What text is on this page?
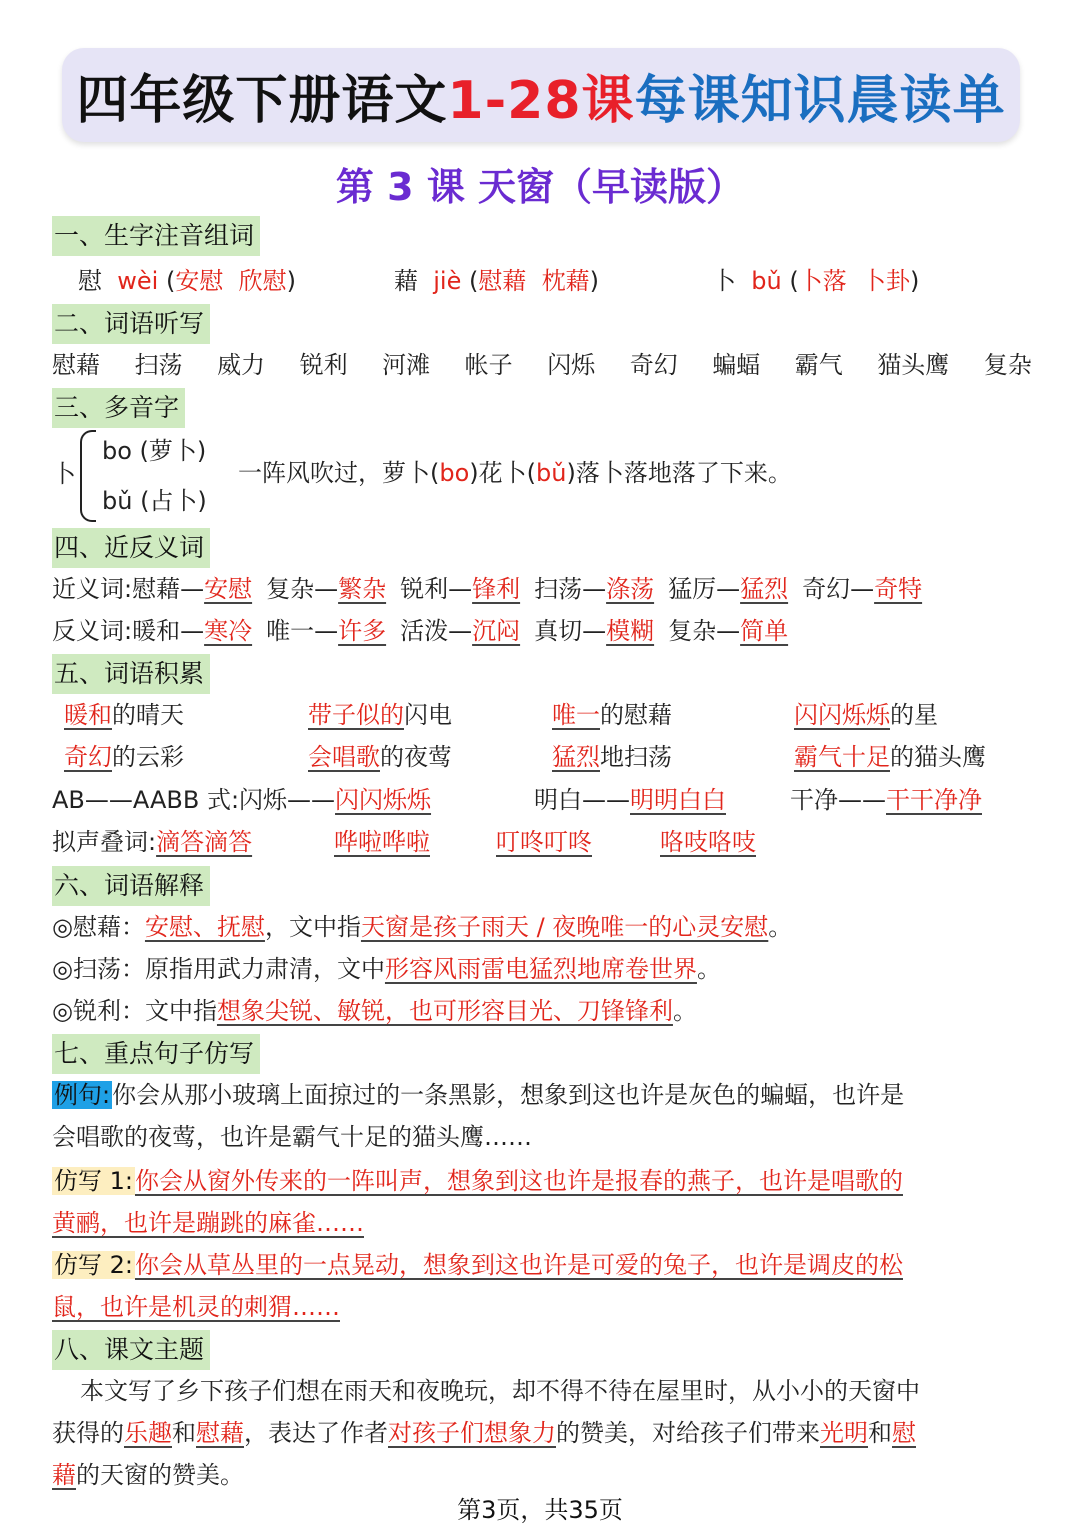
四年级下册语文 1-28课 每课知识晨读单
第 3 课 天窗（早读版）
一、生字注音组词
慰 wèi (安慰 欣慰)	藉 jiè (慰藉 枕藉)	卜 bǔ (卜落 卜卦)
二、词语听写
慰藉 扫荡 威力 锐利 河滩 帐子 闪烁 奇幻 蝙蝠 霸气 猫头鹰 复杂
三、多音字
卜
bo (萝卜)
bǔ (占卜)
一阵风吹过，萝卜(bo)花卜(bǔ)落卜落地落了下来。
四、近反义词
近义词:慰藉—安慰 复杂—繁杂 锐利—锋利 扫荡—涤荡 猛厉—猛烈 奇幻—奇特
反义词:暖和—寒冷 唯一—许多 活泼—沉闷 真切—模糊 复杂—简单
五、词语积累
暖和的晴天	带子似的闪电	唯一的慰藉	闪闪烁烁的星
奇幻的云彩	会唱歌的夜莺	猛烈地扫荡	霸气十足的猫头鹰
AB——AABB 式:闪烁——闪闪烁烁	明白——明明白白	干净——干干净净
拟声叠词:滴答滴答	哗啦哗啦	叮咚叮咚	咯吱咯吱
六、词语解释
◎慰藉：安慰、抚慰，文中指天窗是孩子雨天 / 夜晚唯一的心灵安慰。
◎扫荡：原指用武力肃清，文中形容风雨雷电猛烈地席卷世界。
◎锐利：文中指想象尖锐、敏锐，也可形容目光、刀锋锋利。
七、重点句子仿写
例句:你会从那小玻璃上面掠过的一条黑影，想象到这也许是灰色的蝙蝠，也许是
会唱歌的夜莺，也许是霸气十足的猫头鹰……
仿写 1:你会从窗外传来的一阵叫声，想象到这也许是报春的燕子，也许是唱歌的
黄鹂，也许是蹦跳的麻雀……
仿写 2:你会从草丛里的一点晃动，想象到这也许是可爱的兔子，也许是调皮的松
鼠，也许是机灵的刺猬……
八、课文主题
本文写了乡下孩子们想在雨天和夜晚玩，却不得不待在屋里时，从小小的天窗中
获得的乐趣和慰藉，表达了作者对孩子们想象力的赞美，对给孩子们带来光明和慰
藉的天窗的赞美。
第3页，共35页
